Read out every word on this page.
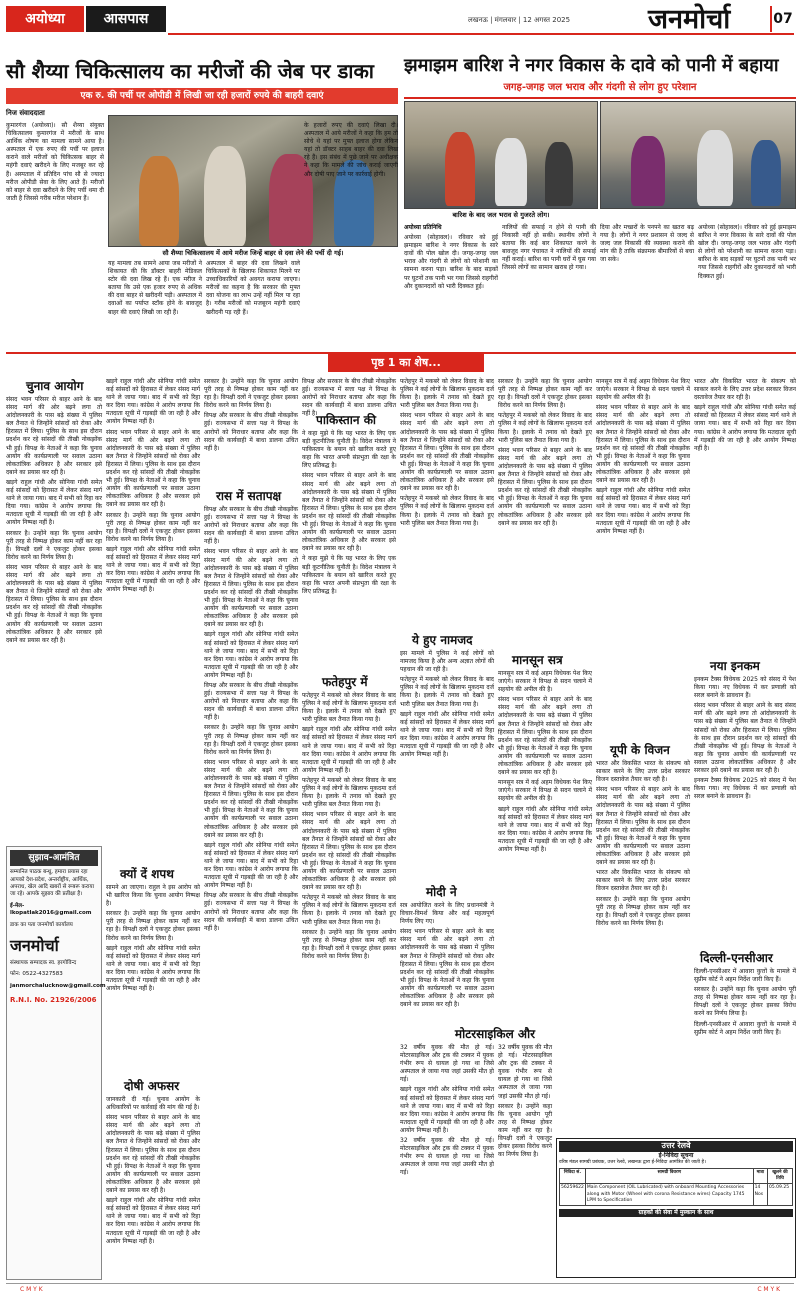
अयोध्या	आसपास	लखनऊ | मंगलवार | 12 अगस्त 2025	जनमोर्चा	07
सौ शैय्या चिकित्सालय का मरीजों की जेब पर डाका
एक रु. की पर्ची पर ओपीडी में लिखी जा रही हजारों रुपये की बाहरी दवाएं
निज संवाददाता

कुमारगंज (अयोध्या)। सौ शैय्या संयुक्त चिकित्सालय कुमारगंज में मरीजों के साथ आर्थिक शोषण का मामला सामने आया है। अस्पताल में एक रुपए की पर्ची पर इलाज कराने वाले मरीजों को चिकित्सक बाहर से महंगी दवाएं खरीदने के लिए मजबूर कर रहे हैं। अस्पताल में प्रतिदिन पांच सौ से ज्यादा मरीज ओपीडी सेवा के लिए आते हैं। मरीजों को बाहर से दवा खरीदने के लिए पर्ची थमा दी जाती है जिससे गरीब मरीज परेशान हैं।

सौ शैय्या चिकित्सालय में आये मरीज जिन्हें बाहर से दवा लेने की पर्ची दी गई।

यह मामला तब सामने आया जब मरीजों ने शिकायत की कि डॉक्टर बाहरी मेडिकल स्टोर की दवा लिख रहे हैं। एक मरीज ने बताया कि उसे एक हजार रुपए से अधिक की दवा बाहर से खरीदनी पड़ी। अस्पताल में दवाओं का पर्याप्त स्टॉक होने के बावजूद बाहर की दवाएं लिखी जा रही हैं।

अस्पताल में बाहर की दवा लिखने वाले चिकित्सकों के खिलाफ शिकायत मिलने पर उच्चाधिकारियों को अवगत कराया जाएगा। मरीजों का कहना है कि सरकार की मुफ्त दवा योजना का लाभ उन्हें नहीं मिल पा रहा है। गरीब मरीजों को मजबूरन महंगी दवाएं खरीदनी पड़ रही हैं।

के हजारों रुपए की दवाएं लिखा दी। अस्पताल में आये मरीजों ने कहा कि हम तो सोचे थे यहां पर मुफ्त इलाज होगा लेकिन यहां तो डॉक्टर साहब बाहर की दवा लिख रहे हैं। इस संबंध में पूछे जाने पर अधीक्षक ने कहा कि मामले की जांच कराई जाएगी और दोषी पाए जाने पर कार्रवाई होगी।

झमाझम बारिश ने नगर विकास के दावे को पानी में बहाया
जगह-जगह जल भराव और गंदगी से लोग हुए परेशान
बारिश के बाद जल भराव से गुजरते लोग।

अयोध्या प्रतिनिधि

अयोध्या (सोहावल)। रविवार को हुई झमाझम बारिश ने नगर विकास के सारे दावों की पोल खोल दी। जगह-जगह जल भराव और गंदगी से लोगों को परेशानी का सामना करना पड़ा। बारिश के बाद सड़कों पर घुटनों तक पानी भर गया जिससे राहगीरों और दुकानदारों को भारी दिक्कत हुई।

नालियों की सफाई न होने से पानी की निकासी नहीं हो सकी। स्थानीय लोगों ने बताया कि कई बार शिकायत करने के बावजूद नगर पंचायत ने नालियों की सफाई नहीं कराई। बारिश का पानी घरों में घुस गया जिससे लोगों का सामान खराब हो गया।

दिया और मच्छरों के पनपने का खतरा बढ़ गया है। लोगों ने नगर प्रशासन से जल्द से जल्द जल निकासी की व्यवस्था कराने की मांग की है ताकि संक्रामक बीमारियों से बचा जा सके।

अयोध्या (सोहावल)। रविवार को हुई झमाझम बारिश ने नगर विकास के सारे दावों की पोल खोल दी। जगह-जगह जल भराव और गंदगी से लोगों को परेशानी का सामना करना पड़ा। बारिश के बाद सड़कों पर घुटनों तक पानी भर गया जिससे राहगीरों और दुकानदारों को भारी दिक्कत हुई।

पृष्ठ 1 का शेष...
चुनाव आयोग

संसद भवन परिसर से बाहर आने के बाद संसद मार्ग की ओर बढ़ने लगा तो आंदोलनकारी के पास बढ़े संख्या में पुलिस बल तैनात थे जिन्होंने सांसदों को रोका और हिरासत में लिया। पुलिस के साथ इस दौरान प्रदर्शन कर रहे सांसदों की तीखी नोकझोंक भी हुई। विपक्ष के नेताओं ने कहा कि चुनाव आयोग की कार्यप्रणाली पर सवाल उठाना लोकतांत्रिक अधिकार है और सरकार इसे दबाने का प्रयास कर रही है।

खड़गे राहुल गांधी और सोनिया गांधी समेत कई सांसदों को हिरासत में लेकर संसद मार्ग थाने ले जाया गया। बाद में सभी को रिहा कर दिया गया। कांग्रेस ने आरोप लगाया कि मतदाता सूची में गड़बड़ी की जा रही है और आयोग निष्पक्ष नहीं है।

सरकार है। उन्होंने कहा कि चुनाव आयोग पूरी तरह से निष्पक्ष होकर काम नहीं कर रहा है। विपक्षी दलों ने एकजुट होकर इसका विरोध करने का निर्णय लिया है।

संसद भवन परिसर से बाहर आने के बाद संसद मार्ग की ओर बढ़ने लगा तो आंदोलनकारी के पास बढ़े संख्या में पुलिस बल तैनात थे जिन्होंने सांसदों को रोका और हिरासत में लिया। पुलिस के साथ इस दौरान प्रदर्शन कर रहे सांसदों की तीखी नोकझोंक भी हुई। विपक्ष के नेताओं ने कहा कि चुनाव आयोग की कार्यप्रणाली पर सवाल उठाना लोकतांत्रिक अधिकार है और सरकार इसे दबाने का प्रयास कर रही है।

खड़गे राहुल गांधी और सोनिया गांधी समेत कई सांसदों को हिरासत में लेकर संसद मार्ग थाने ले जाया गया। बाद में सभी को रिहा कर दिया गया। कांग्रेस ने आरोप लगाया कि मतदाता सूची में गड़बड़ी की जा रही है और आयोग निष्पक्ष नहीं है।

संसद भवन परिसर से बाहर आने के बाद संसद मार्ग की ओर बढ़ने लगा तो आंदोलनकारी के पास बढ़े संख्या में पुलिस बल तैनात थे जिन्होंने सांसदों को रोका और हिरासत में लिया। पुलिस के साथ इस दौरान प्रदर्शन कर रहे सांसदों की तीखी नोकझोंक भी हुई। विपक्ष के नेताओं ने कहा कि चुनाव आयोग की कार्यप्रणाली पर सवाल उठाना लोकतांत्रिक अधिकार है और सरकार इसे दबाने का प्रयास कर रही है।

सरकार है। उन्होंने कहा कि चुनाव आयोग पूरी तरह से निष्पक्ष होकर काम नहीं कर रहा है। विपक्षी दलों ने एकजुट होकर इसका विरोध करने का निर्णय लिया है।

खड़गे राहुल गांधी और सोनिया गांधी समेत कई सांसदों को हिरासत में लेकर संसद मार्ग थाने ले जाया गया। बाद में सभी को रिहा कर दिया गया। कांग्रेस ने आरोप लगाया कि मतदाता सूची में गड़बड़ी की जा रही है और आयोग निष्पक्ष नहीं है।

क्यों दें शपथ

सामने आ जाएगा। राहुल ने इस आरोप को भी खारिज किया कि चुनाव आयोग निष्पक्ष है।

सरकार है। उन्होंने कहा कि चुनाव आयोग पूरी तरह से निष्पक्ष होकर काम नहीं कर रहा है। विपक्षी दलों ने एकजुट होकर इसका विरोध करने का निर्णय लिया है।

खड़गे राहुल गांधी और सोनिया गांधी समेत कई सांसदों को हिरासत में लेकर संसद मार्ग थाने ले जाया गया। बाद में सभी को रिहा कर दिया गया। कांग्रेस ने आरोप लगाया कि मतदाता सूची में गड़बड़ी की जा रही है और आयोग निष्पक्ष नहीं है।

दोषी अफसर

जानकारी दी गई। चुनाव आयोग के अधिकारियों पर कार्रवाई की मांग की गई है।

संसद भवन परिसर से बाहर आने के बाद संसद मार्ग की ओर बढ़ने लगा तो आंदोलनकारी के पास बढ़े संख्या में पुलिस बल तैनात थे जिन्होंने सांसदों को रोका और हिरासत में लिया। पुलिस के साथ इस दौरान प्रदर्शन कर रहे सांसदों की तीखी नोकझोंक भी हुई। विपक्ष के नेताओं ने कहा कि चुनाव आयोग की कार्यप्रणाली पर सवाल उठाना लोकतांत्रिक अधिकार है और सरकार इसे दबाने का प्रयास कर रही है।

खड़गे राहुल गांधी और सोनिया गांधी समेत कई सांसदों को हिरासत में लेकर संसद मार्ग थाने ले जाया गया। बाद में सभी को रिहा कर दिया गया। कांग्रेस ने आरोप लगाया कि मतदाता सूची में गड़बड़ी की जा रही है और आयोग निष्पक्ष नहीं है।

सरकार है। उन्होंने कहा कि चुनाव आयोग पूरी तरह से निष्पक्ष होकर काम नहीं कर रहा है। विपक्षी दलों ने एकजुट होकर इसका विरोध करने का निर्णय लिया है।

विपक्ष और सरकार के बीच तीखी नोकझोंक हुई। राज्यसभा में सत्ता पक्ष ने विपक्ष के आरोपों को निराधार बताया और कहा कि सदन की कार्यवाही में बाधा डालना उचित नहीं है।

रास में सतापक्ष

विपक्ष और सरकार के बीच तीखी नोकझोंक हुई। राज्यसभा में सत्ता पक्ष ने विपक्ष के आरोपों को निराधार बताया और कहा कि सदन की कार्यवाही में बाधा डालना उचित नहीं है।

संसद भवन परिसर से बाहर आने के बाद संसद मार्ग की ओर बढ़ने लगा तो आंदोलनकारी के पास बढ़े संख्या में पुलिस बल तैनात थे जिन्होंने सांसदों को रोका और हिरासत में लिया। पुलिस के साथ इस दौरान प्रदर्शन कर रहे सांसदों की तीखी नोकझोंक भी हुई। विपक्ष के नेताओं ने कहा कि चुनाव आयोग की कार्यप्रणाली पर सवाल उठाना लोकतांत्रिक अधिकार है और सरकार इसे दबाने का प्रयास कर रही है।

खड़गे राहुल गांधी और सोनिया गांधी समेत कई सांसदों को हिरासत में लेकर संसद मार्ग थाने ले जाया गया। बाद में सभी को रिहा कर दिया गया। कांग्रेस ने आरोप लगाया कि मतदाता सूची में गड़बड़ी की जा रही है और आयोग निष्पक्ष नहीं है।

विपक्ष और सरकार के बीच तीखी नोकझोंक हुई। राज्यसभा में सत्ता पक्ष ने विपक्ष के आरोपों को निराधार बताया और कहा कि सदन की कार्यवाही में बाधा डालना उचित नहीं है।

सरकार है। उन्होंने कहा कि चुनाव आयोग पूरी तरह से निष्पक्ष होकर काम नहीं कर रहा है। विपक्षी दलों ने एकजुट होकर इसका विरोध करने का निर्णय लिया है।

संसद भवन परिसर से बाहर आने के बाद संसद मार्ग की ओर बढ़ने लगा तो आंदोलनकारी के पास बढ़े संख्या में पुलिस बल तैनात थे जिन्होंने सांसदों को रोका और हिरासत में लिया। पुलिस के साथ इस दौरान प्रदर्शन कर रहे सांसदों की तीखी नोकझोंक भी हुई। विपक्ष के नेताओं ने कहा कि चुनाव आयोग की कार्यप्रणाली पर सवाल उठाना लोकतांत्रिक अधिकार है और सरकार इसे दबाने का प्रयास कर रही है।

खड़गे राहुल गांधी और सोनिया गांधी समेत कई सांसदों को हिरासत में लेकर संसद मार्ग थाने ले जाया गया। बाद में सभी को रिहा कर दिया गया। कांग्रेस ने आरोप लगाया कि मतदाता सूची में गड़बड़ी की जा रही है और आयोग निष्पक्ष नहीं है।

विपक्ष और सरकार के बीच तीखी नोकझोंक हुई। राज्यसभा में सत्ता पक्ष ने विपक्ष के आरोपों को निराधार बताया और कहा कि सदन की कार्यवाही में बाधा डालना उचित नहीं है।

विपक्ष और सरकार के बीच तीखी नोकझोंक हुई। राज्यसभा में सत्ता पक्ष ने विपक्ष के आरोपों को निराधार बताया और कहा कि सदन की कार्यवाही में बाधा डालना उचित नहीं है।

पाकिस्तान की

ने कहा मुझे ये कि यह भारत के लिए एक बड़ी कूटनीतिक चुनौती है। विदेश मंत्रालय ने पाकिस्तान के बयान को खारिज करते हुए कहा कि भारत अपनी संप्रभुता की रक्षा के लिए प्रतिबद्ध है।

संसद भवन परिसर से बाहर आने के बाद संसद मार्ग की ओर बढ़ने लगा तो आंदोलनकारी के पास बढ़े संख्या में पुलिस बल तैनात थे जिन्होंने सांसदों को रोका और हिरासत में लिया। पुलिस के साथ इस दौरान प्रदर्शन कर रहे सांसदों की तीखी नोकझोंक भी हुई। विपक्ष के नेताओं ने कहा कि चुनाव आयोग की कार्यप्रणाली पर सवाल उठाना लोकतांत्रिक अधिकार है और सरकार इसे दबाने का प्रयास कर रही है।

ने कहा मुझे ये कि यह भारत के लिए एक बड़ी कूटनीतिक चुनौती है। विदेश मंत्रालय ने पाकिस्तान के बयान को खारिज करते हुए कहा कि भारत अपनी संप्रभुता की रक्षा के लिए प्रतिबद्ध है।

फतेहपुर में

फतेहपुर में मकबरे को लेकर विवाद के बाद पुलिस ने कई लोगों के खिलाफ मुकदमा दर्ज किया है। इलाके में तनाव को देखते हुए भारी पुलिस बल तैनात किया गया है।

खड़गे राहुल गांधी और सोनिया गांधी समेत कई सांसदों को हिरासत में लेकर संसद मार्ग थाने ले जाया गया। बाद में सभी को रिहा कर दिया गया। कांग्रेस ने आरोप लगाया कि मतदाता सूची में गड़बड़ी की जा रही है और आयोग निष्पक्ष नहीं है।

फतेहपुर में मकबरे को लेकर विवाद के बाद पुलिस ने कई लोगों के खिलाफ मुकदमा दर्ज किया है। इलाके में तनाव को देखते हुए भारी पुलिस बल तैनात किया गया है।

संसद भवन परिसर से बाहर आने के बाद संसद मार्ग की ओर बढ़ने लगा तो आंदोलनकारी के पास बढ़े संख्या में पुलिस बल तैनात थे जिन्होंने सांसदों को रोका और हिरासत में लिया। पुलिस के साथ इस दौरान प्रदर्शन कर रहे सांसदों की तीखी नोकझोंक भी हुई। विपक्ष के नेताओं ने कहा कि चुनाव आयोग की कार्यप्रणाली पर सवाल उठाना लोकतांत्रिक अधिकार है और सरकार इसे दबाने का प्रयास कर रही है।

फतेहपुर में मकबरे को लेकर विवाद के बाद पुलिस ने कई लोगों के खिलाफ मुकदमा दर्ज किया है। इलाके में तनाव को देखते हुए भारी पुलिस बल तैनात किया गया है।

सरकार है। उन्होंने कहा कि चुनाव आयोग पूरी तरह से निष्पक्ष होकर काम नहीं कर रहा है। विपक्षी दलों ने एकजुट होकर इसका विरोध करने का निर्णय लिया है।

फतेहपुर में मकबरे को लेकर विवाद के बाद पुलिस ने कई लोगों के खिलाफ मुकदमा दर्ज किया है। इलाके में तनाव को देखते हुए भारी पुलिस बल तैनात किया गया है।

संसद भवन परिसर से बाहर आने के बाद संसद मार्ग की ओर बढ़ने लगा तो आंदोलनकारी के पास बढ़े संख्या में पुलिस बल तैनात थे जिन्होंने सांसदों को रोका और हिरासत में लिया। पुलिस के साथ इस दौरान प्रदर्शन कर रहे सांसदों की तीखी नोकझोंक भी हुई। विपक्ष के नेताओं ने कहा कि चुनाव आयोग की कार्यप्रणाली पर सवाल उठाना लोकतांत्रिक अधिकार है और सरकार इसे दबाने का प्रयास कर रही है।

फतेहपुर में मकबरे को लेकर विवाद के बाद पुलिस ने कई लोगों के खिलाफ मुकदमा दर्ज किया है। इलाके में तनाव को देखते हुए भारी पुलिस बल तैनात किया गया है।

ये हुए नामजद

इस मामले में पुलिस ने कई लोगों को नामजद किया है और अन्य अज्ञात लोगों की पहचान की जा रही है।

फतेहपुर में मकबरे को लेकर विवाद के बाद पुलिस ने कई लोगों के खिलाफ मुकदमा दर्ज किया है। इलाके में तनाव को देखते हुए भारी पुलिस बल तैनात किया गया है।

खड़गे राहुल गांधी और सोनिया गांधी समेत कई सांसदों को हिरासत में लेकर संसद मार्ग थाने ले जाया गया। बाद में सभी को रिहा कर दिया गया। कांग्रेस ने आरोप लगाया कि मतदाता सूची में गड़बड़ी की जा रही है और आयोग निष्पक्ष नहीं है।

मोदी ने

सत्र आयोजित करने के लिए प्रधानमंत्री ने विचार-विमर्श किया और कई महत्वपूर्ण निर्णय लिए गए।

संसद भवन परिसर से बाहर आने के बाद संसद मार्ग की ओर बढ़ने लगा तो आंदोलनकारी के पास बढ़े संख्या में पुलिस बल तैनात थे जिन्होंने सांसदों को रोका और हिरासत में लिया। पुलिस के साथ इस दौरान प्रदर्शन कर रहे सांसदों की तीखी नोकझोंक भी हुई। विपक्ष के नेताओं ने कहा कि चुनाव आयोग की कार्यप्रणाली पर सवाल उठाना लोकतांत्रिक अधिकार है और सरकार इसे दबाने का प्रयास कर रही है।

मोटरसाइकिल और

32 वर्षीय युवक की मौत हो गई। मोटरसाइकिल और ट्रक की टक्कर में युवक गंभीर रूप से घायल हो गया था जिसे अस्पताल ले जाया गया जहां उसकी मौत हो गई।

खड़गे राहुल गांधी और सोनिया गांधी समेत कई सांसदों को हिरासत में लेकर संसद मार्ग थाने ले जाया गया। बाद में सभी को रिहा कर दिया गया। कांग्रेस ने आरोप लगाया कि मतदाता सूची में गड़बड़ी की जा रही है और आयोग निष्पक्ष नहीं है।

32 वर्षीय युवक की मौत हो गई। मोटरसाइकिल और ट्रक की टक्कर में युवक गंभीर रूप से घायल हो गया था जिसे अस्पताल ले जाया गया जहां उसकी मौत हो गई।

सरकार है। उन्होंने कहा कि चुनाव आयोग पूरी तरह से निष्पक्ष होकर काम नहीं कर रहा है। विपक्षी दलों ने एकजुट होकर इसका विरोध करने का निर्णय लिया है।

फतेहपुर में मकबरे को लेकर विवाद के बाद पुलिस ने कई लोगों के खिलाफ मुकदमा दर्ज किया है। इलाके में तनाव को देखते हुए भारी पुलिस बल तैनात किया गया है।

संसद भवन परिसर से बाहर आने के बाद संसद मार्ग की ओर बढ़ने लगा तो आंदोलनकारी के पास बढ़े संख्या में पुलिस बल तैनात थे जिन्होंने सांसदों को रोका और हिरासत में लिया। पुलिस के साथ इस दौरान प्रदर्शन कर रहे सांसदों की तीखी नोकझोंक भी हुई। विपक्ष के नेताओं ने कहा कि चुनाव आयोग की कार्यप्रणाली पर सवाल उठाना लोकतांत्रिक अधिकार है और सरकार इसे दबाने का प्रयास कर रही है।

मानसून सत्र

मानसून सत्र में कई अहम विधेयक पेश किए जाएंगे। सरकार ने विपक्ष से सदन चलाने में सहयोग की अपील की है।

संसद भवन परिसर से बाहर आने के बाद संसद मार्ग की ओर बढ़ने लगा तो आंदोलनकारी के पास बढ़े संख्या में पुलिस बल तैनात थे जिन्होंने सांसदों को रोका और हिरासत में लिया। पुलिस के साथ इस दौरान प्रदर्शन कर रहे सांसदों की तीखी नोकझोंक भी हुई। विपक्ष के नेताओं ने कहा कि चुनाव आयोग की कार्यप्रणाली पर सवाल उठाना लोकतांत्रिक अधिकार है और सरकार इसे दबाने का प्रयास कर रही है।

मानसून सत्र में कई अहम विधेयक पेश किए जाएंगे। सरकार ने विपक्ष से सदन चलाने में सहयोग की अपील की है।

खड़गे राहुल गांधी और सोनिया गांधी समेत कई सांसदों को हिरासत में लेकर संसद मार्ग थाने ले जाया गया। बाद में सभी को रिहा कर दिया गया। कांग्रेस ने आरोप लगाया कि मतदाता सूची में गड़बड़ी की जा रही है और आयोग निष्पक्ष नहीं है।

32 वर्षीय युवक की मौत हो गई। मोटरसाइकिल और ट्रक की टक्कर में युवक गंभीर रूप से घायल हो गया था जिसे अस्पताल ले जाया गया जहां उसकी मौत हो गई।

सरकार है। उन्होंने कहा कि चुनाव आयोग पूरी तरह से निष्पक्ष होकर काम नहीं कर रहा है। विपक्षी दलों ने एकजुट होकर इसका विरोध करने का निर्णय लिया है।

मानसून सत्र में कई अहम विधेयक पेश किए जाएंगे। सरकार ने विपक्ष से सदन चलाने में सहयोग की अपील की है।

संसद भवन परिसर से बाहर आने के बाद संसद मार्ग की ओर बढ़ने लगा तो आंदोलनकारी के पास बढ़े संख्या में पुलिस बल तैनात थे जिन्होंने सांसदों को रोका और हिरासत में लिया। पुलिस के साथ इस दौरान प्रदर्शन कर रहे सांसदों की तीखी नोकझोंक भी हुई। विपक्ष के नेताओं ने कहा कि चुनाव आयोग की कार्यप्रणाली पर सवाल उठाना लोकतांत्रिक अधिकार है और सरकार इसे दबाने का प्रयास कर रही है।

खड़गे राहुल गांधी और सोनिया गांधी समेत कई सांसदों को हिरासत में लेकर संसद मार्ग थाने ले जाया गया। बाद में सभी को रिहा कर दिया गया। कांग्रेस ने आरोप लगाया कि मतदाता सूची में गड़बड़ी की जा रही है और आयोग निष्पक्ष नहीं है।

यूपी के विजन

भारत और विकसित भारत के संकल्प को साकार करने के लिए उत्तर प्रदेश सरकार विजन दस्तावेज तैयार कर रही है।

संसद भवन परिसर से बाहर आने के बाद संसद मार्ग की ओर बढ़ने लगा तो आंदोलनकारी के पास बढ़े संख्या में पुलिस बल तैनात थे जिन्होंने सांसदों को रोका और हिरासत में लिया। पुलिस के साथ इस दौरान प्रदर्शन कर रहे सांसदों की तीखी नोकझोंक भी हुई। विपक्ष के नेताओं ने कहा कि चुनाव आयोग की कार्यप्रणाली पर सवाल उठाना लोकतांत्रिक अधिकार है और सरकार इसे दबाने का प्रयास कर रही है।

भारत और विकसित भारत के संकल्प को साकार करने के लिए उत्तर प्रदेश सरकार विजन दस्तावेज तैयार कर रही है।

सरकार है। उन्होंने कहा कि चुनाव आयोग पूरी तरह से निष्पक्ष होकर काम नहीं कर रहा है। विपक्षी दलों ने एकजुट होकर इसका विरोध करने का निर्णय लिया है।

भारत और विकसित भारत के संकल्प को साकार करने के लिए उत्तर प्रदेश सरकार विजन दस्तावेज तैयार कर रही है।

खड़गे राहुल गांधी और सोनिया गांधी समेत कई सांसदों को हिरासत में लेकर संसद मार्ग थाने ले जाया गया। बाद में सभी को रिहा कर दिया गया। कांग्रेस ने आरोप लगाया कि मतदाता सूची में गड़बड़ी की जा रही है और आयोग निष्पक्ष नहीं है।

नया इनकम

इनकम टैक्स विधेयक 2025 को संसद में पेश किया गया। नए विधेयक में कर प्रणाली को सरल बनाने के प्रावधान हैं।

संसद भवन परिसर से बाहर आने के बाद संसद मार्ग की ओर बढ़ने लगा तो आंदोलनकारी के पास बढ़े संख्या में पुलिस बल तैनात थे जिन्होंने सांसदों को रोका और हिरासत में लिया। पुलिस के साथ इस दौरान प्रदर्शन कर रहे सांसदों की तीखी नोकझोंक भी हुई। विपक्ष के नेताओं ने कहा कि चुनाव आयोग की कार्यप्रणाली पर सवाल उठाना लोकतांत्रिक अधिकार है और सरकार इसे दबाने का प्रयास कर रही है।

इनकम टैक्स विधेयक 2025 को संसद में पेश किया गया। नए विधेयक में कर प्रणाली को सरल बनाने के प्रावधान हैं।

दिल्ली-एनसीआर

दिल्ली-एनसीआर में आवारा कुत्तों के मामले में सुप्रीम कोर्ट ने अहम निर्देश जारी किए हैं।

सरकार है। उन्होंने कहा कि चुनाव आयोग पूरी तरह से निष्पक्ष होकर काम नहीं कर रहा है। विपक्षी दलों ने एकजुट होकर इसका विरोध करने का निर्णय लिया है।

दिल्ली-एनसीआर में आवारा कुत्तों के मामले में सुप्रीम कोर्ट ने अहम निर्देश जारी किए हैं।

सुझाव-आमंत्रित
सम्मानित पाठक बन्धु, हमारा प्रयास रहा आपको देश-प्रदेश, अन्तर्राष्ट्रीय, आर्थिक, अपराध, खेल आदि खबरों से रूबरू कराया जा रहे। आपके सुझाव की प्रतीक्षा है।
ई-मेल- lkopatlak2016@gmail.com
डाक का पता जनमोर्चा कार्यालय
जनमोर्चा
संस्थापक सम्पादक स्व. हरगोविन्द
फोन: 0522-4327583
janmorchalucknow@gmail.com
R.N.I. No. 21926/2006
उत्तर रेलवे
ई-निविदा सूचना
वरिष्ठ मंडल सामग्री प्रबंधक, उत्तर रेलवे, लखनऊ द्वारा ई-निविदा आमंत्रित की जाती है।
निविदा सं.	सामग्री विवरण	मात्रा	खुलने की तिथि
56259622	Main Component (OIL Lubricated) with onboard Mounting Accessories along with Motor (Wheel with corona Resistance wires) Capacity 1745 LPM to Specification	14 Nos	05.09.25
ग्राहकों की सेवा में मुस्कान के साथ
C M Y K	C M Y K
